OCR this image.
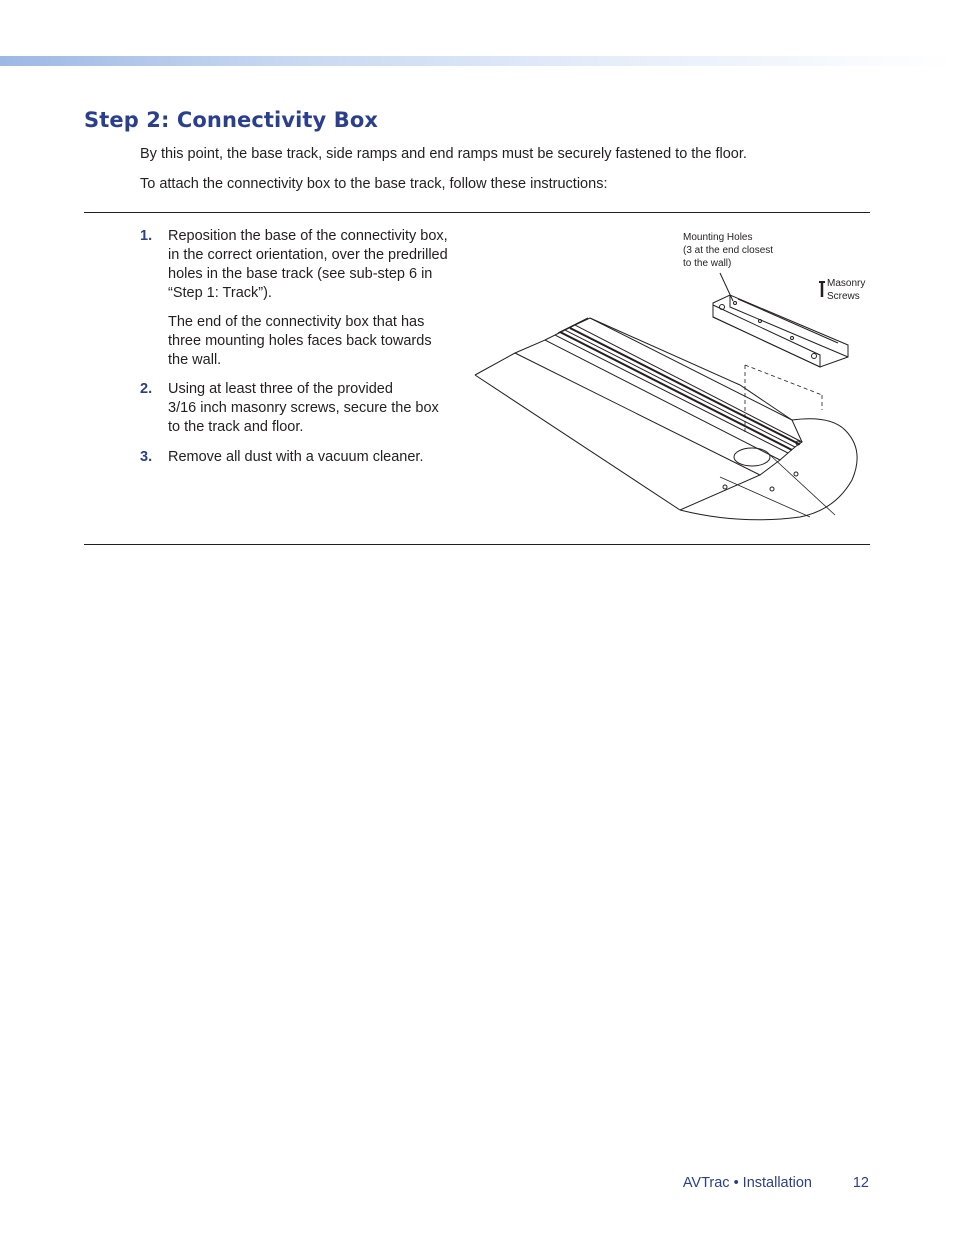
Step 2: Connectivity Box

By this point, the base track, side ramps and end ramps must be securely fastened to the floor.

To attach the connectivity box to the base track, follow these instructions:

1. Reposition the base of the connectivity box,
in the correct orientation, over the predrilled
holes in the base track (see sub-step 6 in
“Step 1: Track”).
The end of the connectivity box that has
three mounting holes faces back towards
the wall.
2. Using at least three of the provided
3/16 inch masonry screws, secure the box
to the track and floor.
3. Remove all dust with a vacuum cleaner.
Mounting Holes
(3 at the end closest
to the wall)
Masonry
Screws
AVTrac • Installation	12
